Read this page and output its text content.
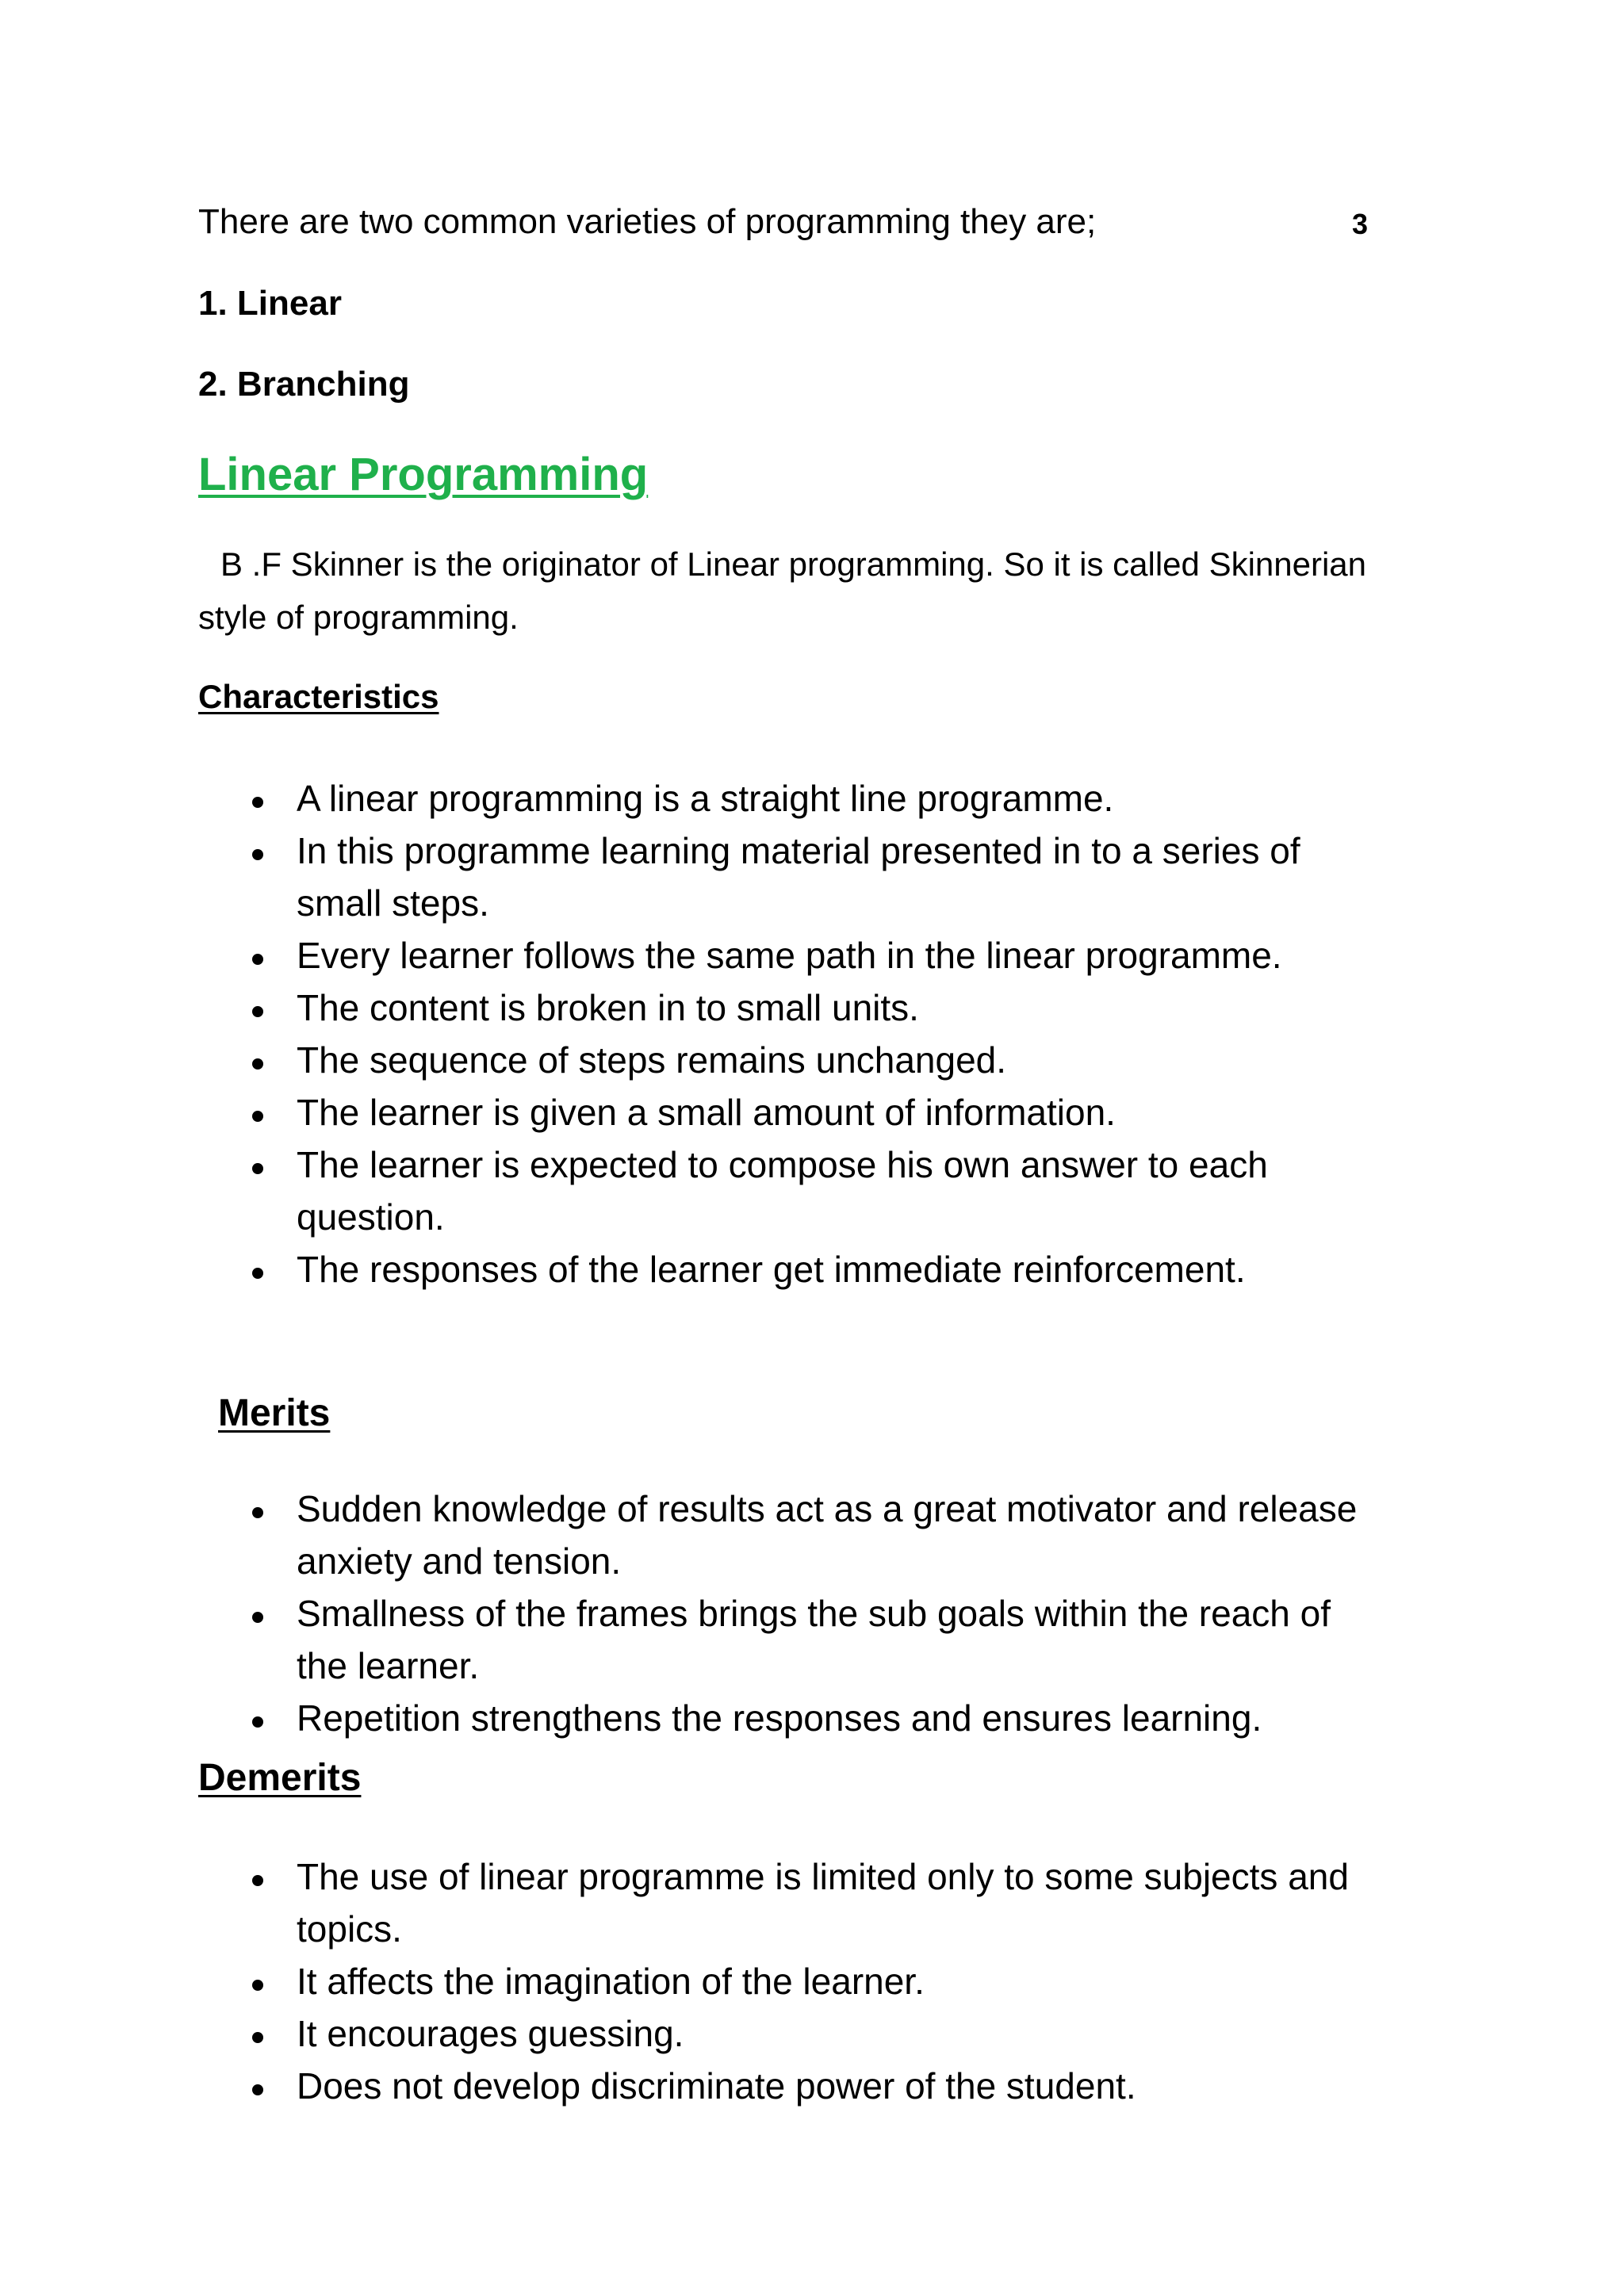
There are two common varieties of programming they are;	3
1. Linear
2. Branching
Linear Programming
B .F Skinner is the originator of Linear programming. So it is called Skinnerian
style of programming.
Characteristics
Merits
Demerits
A linear programming is a straight line programme.
In this programme learning material presented in to a series of
small steps.
Every learner follows the same path in the linear programme.
The content is broken in to small units.
The sequence of steps remains unchanged.
The learner is given a small amount of information.
The learner is expected to compose his own answer to each
question.
The responses of the learner get immediate reinforcement.
Sudden knowledge of results act as a great motivator and release
anxiety and tension.
Smallness of the frames brings the sub goals within the reach of
the learner.
Repetition strengthens the responses and ensures learning.
The use of linear programme is limited only to some subjects and
topics.
It affects the imagination of the learner.
It encourages guessing.
Does not develop discriminate power of the student.
